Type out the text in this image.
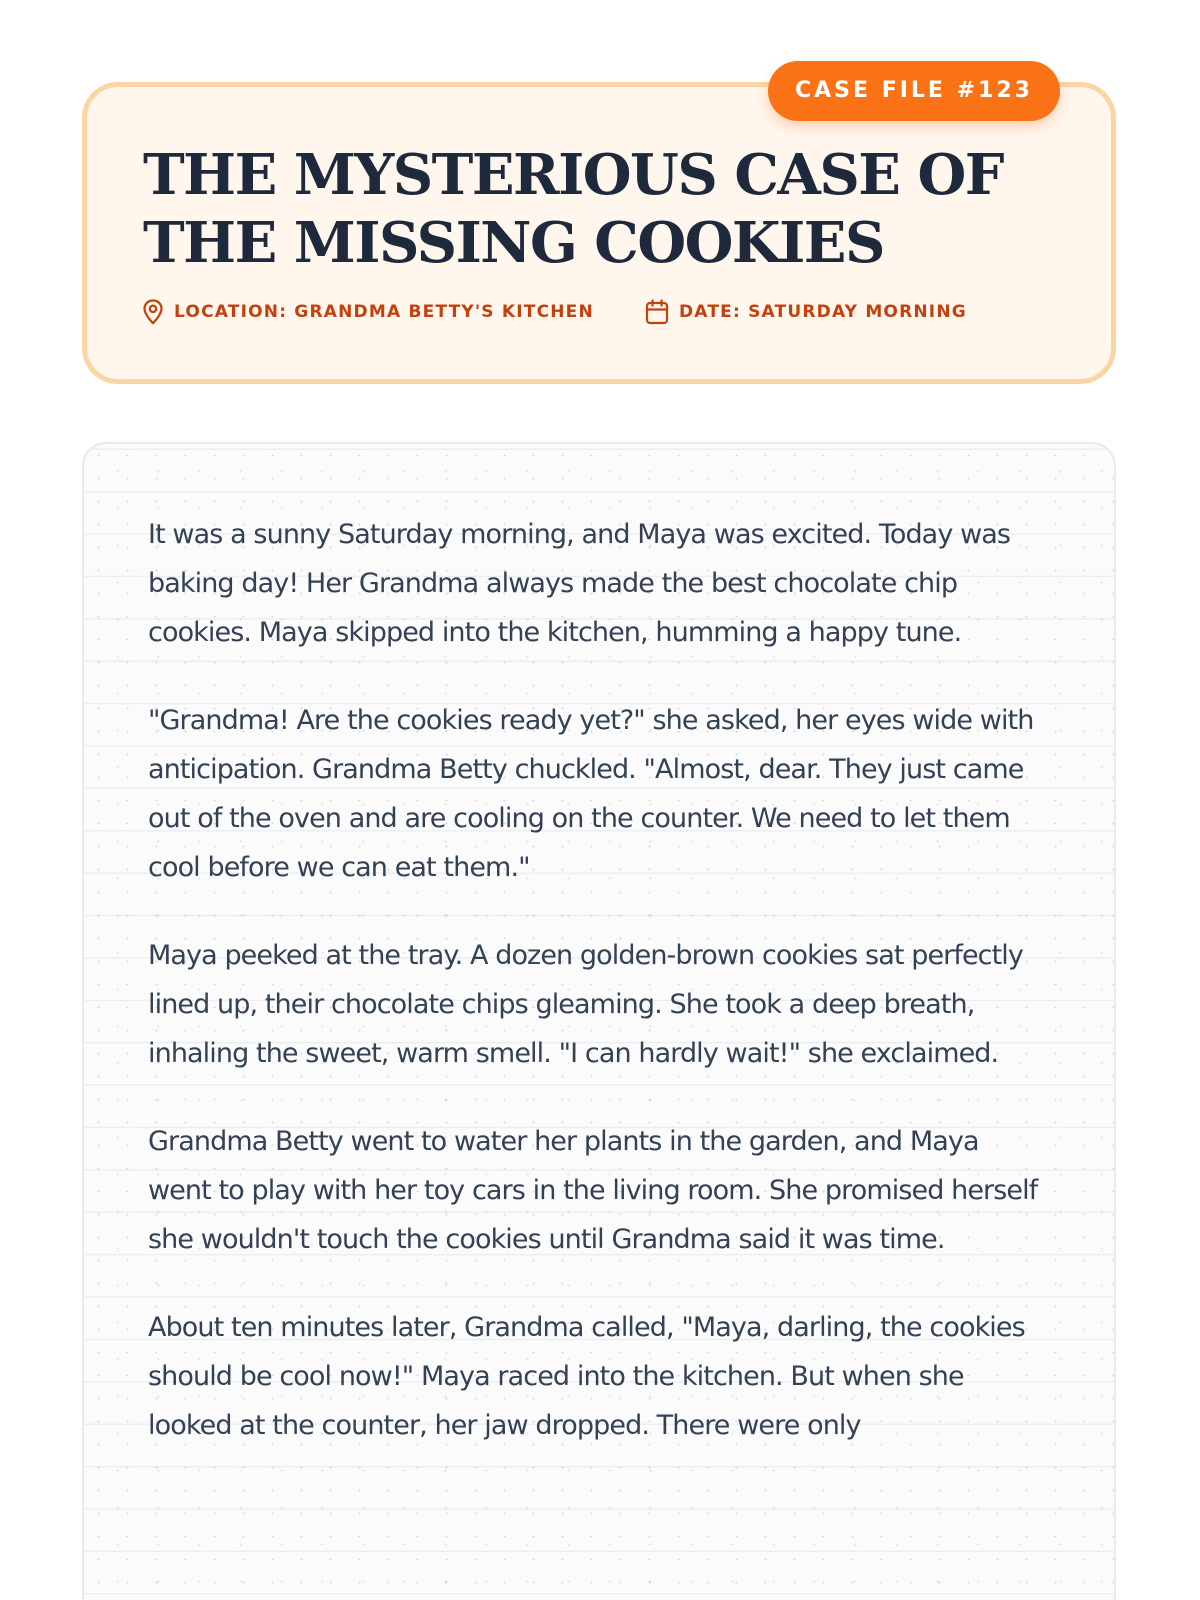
THE MYSTERIOUS CASE OF THE MISSING COOKIES
LOCATION: GRANDMA BETTY'S KITCHEN	DATE: SATURDAY MORNING
CASE FILE #123

It was a sunny Saturday morning, and Maya was excited. Today was baking day! Her Grandma always made the best chocolate chip cookies. Maya skipped into the kitchen, humming a happy tune.

"Grandma! Are the cookies ready yet?" she asked, her eyes wide with anticipation. Grandma Betty chuckled. "Almost, dear. They just came out of the oven and are cooling on the counter. We need to let them cool before we can eat them."

Maya peeked at the tray. A dozen golden-brown cookies sat perfectly lined up, their chocolate chips gleaming. She took a deep breath, inhaling the sweet, warm smell. "I can hardly wait!" she exclaimed.

Grandma Betty went to water her plants in the garden, and Maya went to play with her toy cars in the living room. She promised herself she wouldn't touch the cookies until Grandma said it was time.

About ten minutes later, Grandma called, "Maya, darling, the cookies should be cool now!" Maya raced into the kitchen. But when she looked at the counter, her jaw dropped. There were only
